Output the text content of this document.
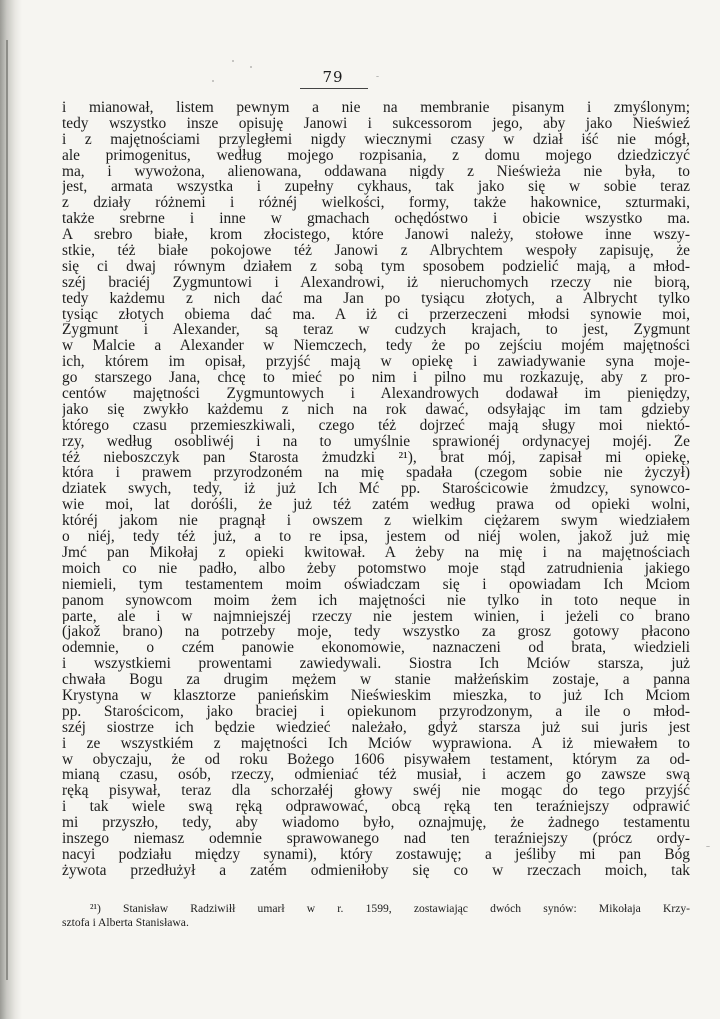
79
i mianował, listem pewnym a nie na membranie pisanym i zmyślonym;
tedy wszystko insze opisuję Janowi i sukcessorom jego, aby jako Nieświeź
i z majętnościami przyległemi nigdy wiecznymi czasy w dział iść nie mógł,
ale primogenitus, według mojego rozpisania, z domu mojego dziedziczyć
ma, i wywożona, alienowana, oddawana nigdy z Nieświeża nie była, to
jest, armata wszystka i zupełny cykhaus, tak jako się w sobie teraz
z działy różnemi i różnéj wielkości, formy, także hakownice, szturmaki,
także srebrne i inne w gmachach ochędóstwo i obicie wszystko ma.
A srebro białe, krom złocistego, które Janowi należy, stołowe inne wszy-
stkie, téż białe pokojowe téż Janowi z Albrychtem wespoły zapisuję, że
się ci dwaj równym działem z sobą tym sposobem podzielić mają, a młod-
széj braciéj Zygmuntowi i Alexandrowi, iż nieruchomych rzeczy nie biorą,
tedy każdemu z nich dać ma Jan po tysiącu złotych, a Albrycht tylko
tysiąc złotych obiema dać ma. A iż ci przerzeczeni młodsi synowie moi,
Zygmunt i Alexander, są teraz w cudzych krajach, to jest, Zygmunt
w Malcie a Alexander w Niemczech, tedy że po zejściu mojém majętności
ich, którem im opisał, przyjść mają w opiekę i zawiadywanie syna moje-
go starszego Jana, chcę to mieć po nim i pilno mu rozkazuję, aby z pro-
centów majętności Zygmuntowych i Alexandrowych dodawał im pieniędzy,
jako się zwykło każdemu z nich na rok dawać, odsyłając im tam gdzieby
którego czasu przemieszkiwali, czego téż dojrzeć mają sługy moi niektó-
rzy, według osobliwéj i na to umyślnie sprawionéj ordynacyej mojéj. Że
téż nieboszczyk pan Starosta żmudzki ²¹), brat mój, zapisał mi opiekę,
która i prawem przyrodzoném na mię spadała (czegom sobie nie życzył)
dziatek swych, tedy, iż już Ich Mć pp. Starościcowie żmudzcy, synowco-
wie moi, lat doróśli, że już téż zatém według prawa od opieki wolni,
któréj jakom nie pragnął i owszem z wielkim ciężarem swym wiedziałem
o niéj, tedy téż już, a to re ipsa, jestem od niéj wolen, jakož już mię
Jmć pan Mikołaj z opieki kwitował. A żeby na mię i na majętnościach
moich co nie padło, albo żeby potomstwo moje stąd zatrudnienia jakiego
niemieli, tym testamentem moim oświadczam się i opowiadam Ich Mciom
panom synowcom moim żem ich majętności nie tylko in toto neque in
parte, ale i w najmniejszéj rzeczy nie jestem winien, i jeżeli co brano
(jakož brano) na potrzeby moje, tedy wszystko za grosz gotowy płacono
odemnie, o czém panowie ekonomowie, naznaczeni od brata, wiedzieli
i wszystkiemi prowentami zawiedywali. Siostra Ich Mciów starsza, już
chwała Bogu za drugim mężem w stanie małżeńskim zostaje, a panna
Krystyna w klasztorze panieńskim Nieświeskim mieszka, to już Ich Mciom
pp. Starościcom, jako braciej i opiekunom przyrodzonym, a ile o młod-
széj siostrze ich będzie wiedzieć należało, gdyż starsza już sui juris jest
i ze wszystkiém z majętności Ich Mciów wyprawiona. A iż miewałem to
w obyczaju, że od roku Bożego 1606 pisywałem testament, którym za od-
mianą czasu, osób, rzeczy, odmieniać téż musiał, i aczem go zawsze swą
ręką pisywał, teraz dla schorzałéj głowy swéj nie mogąc do tego przyjść
i tak wiele swą ręką odprawować, obcą ręką ten teraźniejszy odprawić
mi przyszło, tedy, aby wiadomo było, oznajmuję, że żadnego testamentu
inszego niemasz odemnie sprawowanego nad ten teraźniejszy (prócz ordy-
nacyi podziału między synami), który zostawuję; a jeśliby mi pan Bóg
żywota przedłużył a zatém odmieniłoby się co w rzeczach moich, tak
²¹) Stanisław Radziwiłł umarł w r. 1599, zostawiając dwóch synów: Mikołaja Krzy-
sztofa i Alberta Stanisława.
